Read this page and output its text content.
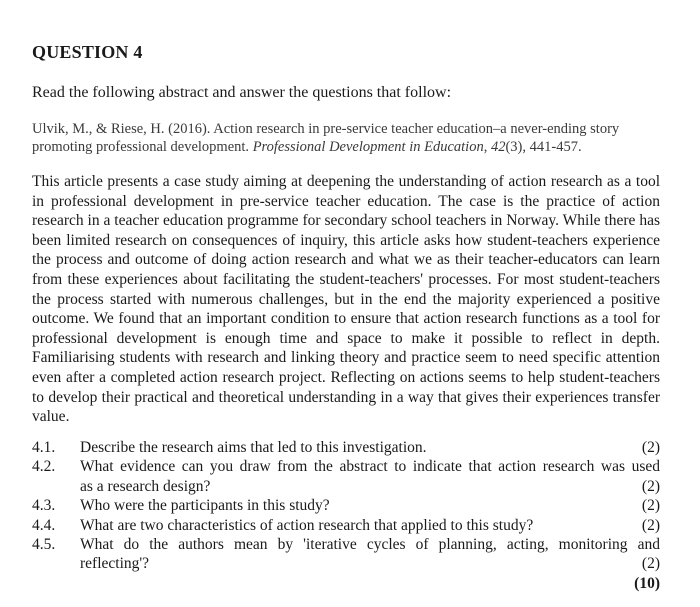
QUESTION 4
Read the following abstract and answer the questions that follow:
Ulvik, M., & Riese, H. (2016). Action research in pre-service teacher education–a never-ending story promoting professional development. Professional Development in Education, 42(3), 441-457.
This article presents a case study aiming at deepening the understanding of action research as a tool in professional development in pre-service teacher education. The case is the practice of action research in a teacher education programme for secondary school teachers in Norway. While there has been limited research on consequences of inquiry, this article asks how student-teachers experience the process and outcome of doing action research and what we as their teacher-educators can learn from these experiences about facilitating the student-teachers' processes. For most student-teachers the process started with numerous challenges, but in the end the majority experienced a positive outcome. We found that an important condition to ensure that action research functions as a tool for professional development is enough time and space to make it possible to reflect in depth. Familiarising students with research and linking theory and practice seem to need specific attention even after a completed action research project. Reflecting on actions seems to help student-teachers to develop their practical and theoretical understanding in a way that gives their experiences transfer value.
4.1.	Describe the research aims that led to this investigation.	(2)
4.2.	What evidence can you draw from the abstract to indicate that action research was used
as a research design?	(2)
4.3.	Who were the participants in this study?	(2)
4.4.	What are two characteristics of action research that applied to this study?	(2)
4.5.	What do the authors mean by 'iterative cycles of planning, acting, monitoring and
reflecting'?	(2)
(10)
